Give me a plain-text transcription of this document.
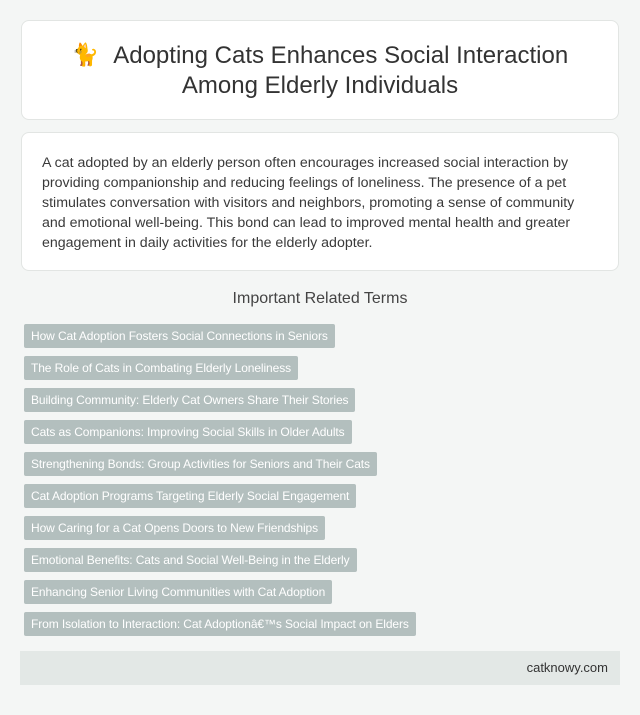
🐈 Adopting Cats Enhances Social Interaction Among Elderly Individuals

A cat adopted by an elderly person often encourages increased social interaction by providing companionship and reducing feelings of loneliness. The presence of a pet stimulates conversation with visitors and neighbors, promoting a sense of community and emotional well-being. This bond can lead to improved mental health and greater engagement in daily activities for the elderly adopter.

Important Related Terms
How Cat Adoption Fosters Social Connections in Seniors
The Role of Cats in Combating Elderly Loneliness
Building Community: Elderly Cat Owners Share Their Stories
Cats as Companions: Improving Social Skills in Older Adults
Strengthening Bonds: Group Activities for Seniors and Their Cats
Cat Adoption Programs Targeting Elderly Social Engagement
How Caring for a Cat Opens Doors to New Friendships
Emotional Benefits: Cats and Social Well-Being in the Elderly
Enhancing Senior Living Communities with Cat Adoption
From Isolation to Interaction: Cat Adoptionâ€™s Social Impact on Elders
catknowy.com
